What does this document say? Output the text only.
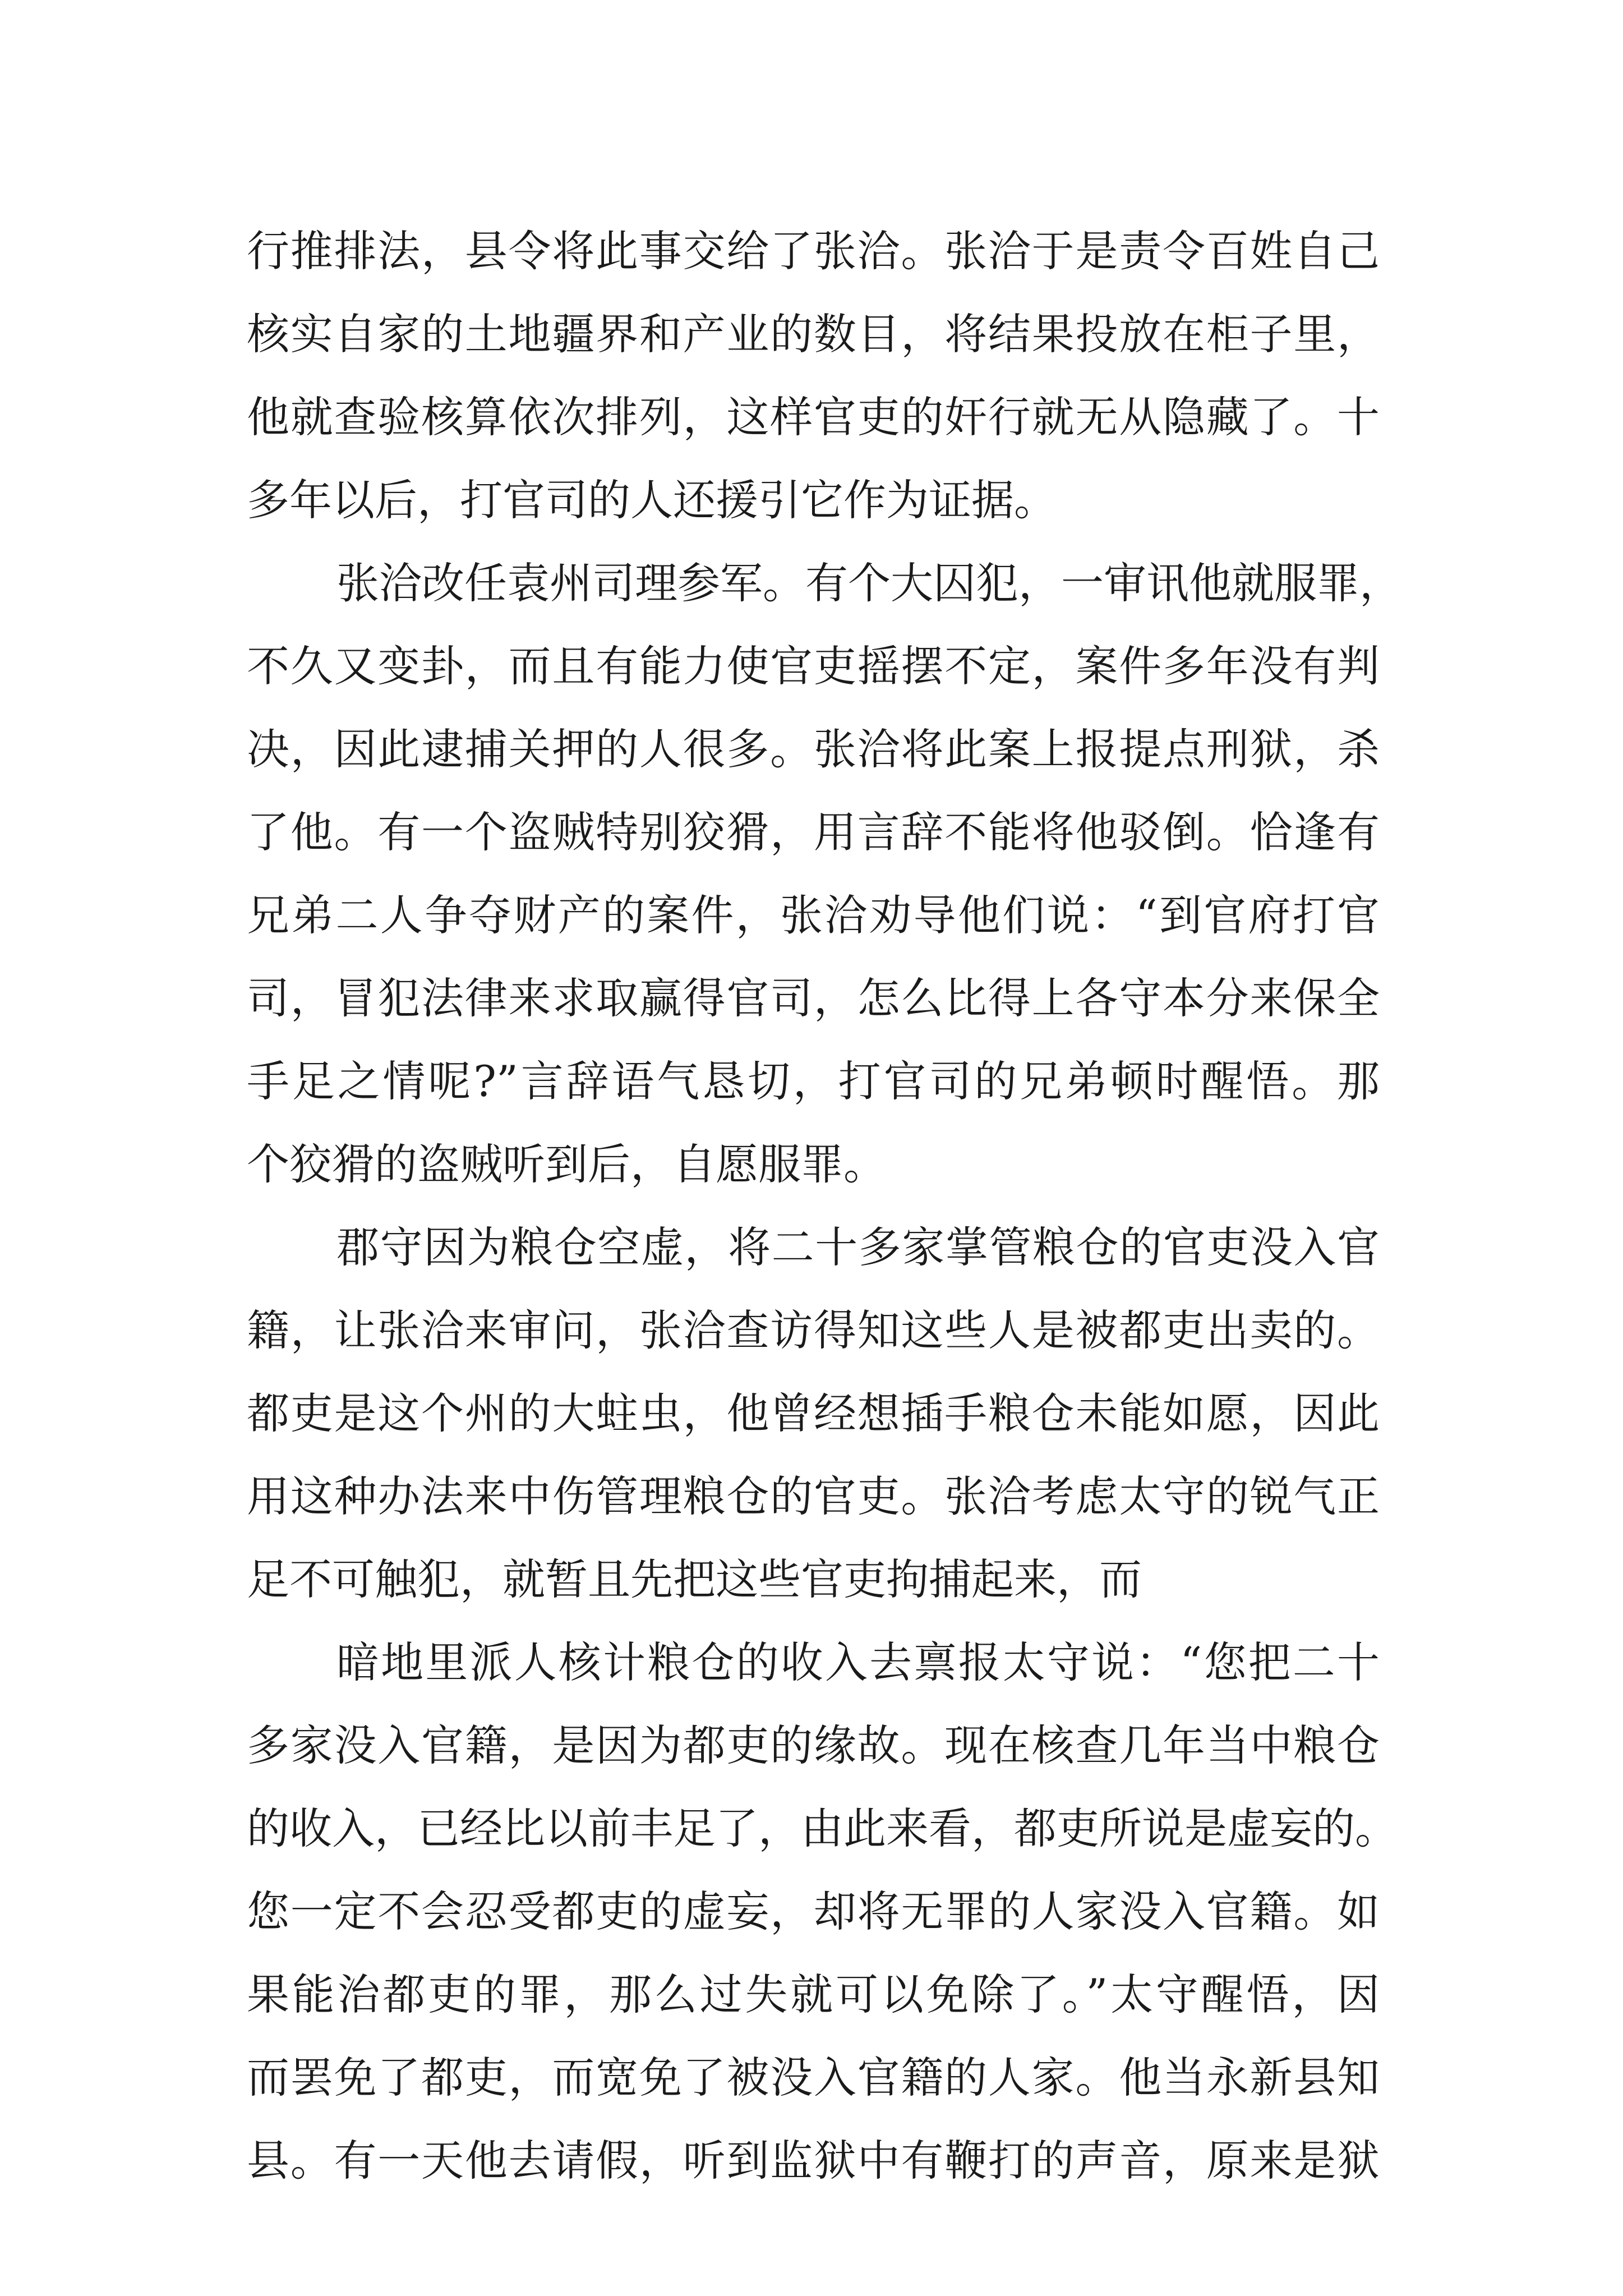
行推排法，县令将此事交给了张洽。张洽于是责令百姓自己
核实自家的土地疆界和产业的数目，将结果投放在柜子里，
他就查验核算依次排列，这样官吏的奸行就无从隐藏了。十
多年以后，打官司的人还援引它作为证据。
张洽改任袁州司理参军。有个大囚犯，一审讯他就服罪，
不久又变卦，而且有能力使官吏摇摆不定，案件多年没有判
决，因此逮捕关押的人很多。张洽将此案上报提点刑狱，杀
了他。有一个盗贼特别狡猾，用言辞不能将他驳倒。恰逢有
兄弟二人争夺财产的案件，张洽劝导他们说：“到官府打官
司，冒犯法律来求取赢得官司，怎么比得上各守本分来保全
手足之情呢?”言辞语气恳切，打官司的兄弟顿时醒悟。那
个狡猾的盗贼听到后，自愿服罪。
郡守因为粮仓空虚，将二十多家掌管粮仓的官吏没入官
籍，让张洽来审问，张洽查访得知这些人是被都吏出卖的。
都吏是这个州的大蛀虫，他曾经想插手粮仓未能如愿，因此
用这种办法来中伤管理粮仓的官吏。张洽考虑太守的锐气正
足不可触犯，就暂且先把这些官吏拘捕起来，而
暗地里派人核计粮仓的收入去禀报太守说：“您把二十
多家没入官籍，是因为都吏的缘故。现在核查几年当中粮仓
的收入，已经比以前丰足了，由此来看，都吏所说是虚妄的。
您一定不会忍受都吏的虚妄，却将无罪的人家没入官籍。如
果能治都吏的罪，那么过失就可以免除了。”太守醒悟，因
而罢免了都吏，而宽免了被没入官籍的人家。他当永新县知
县。有一天他去请假，听到监狱中有鞭打的声音，原来是狱
